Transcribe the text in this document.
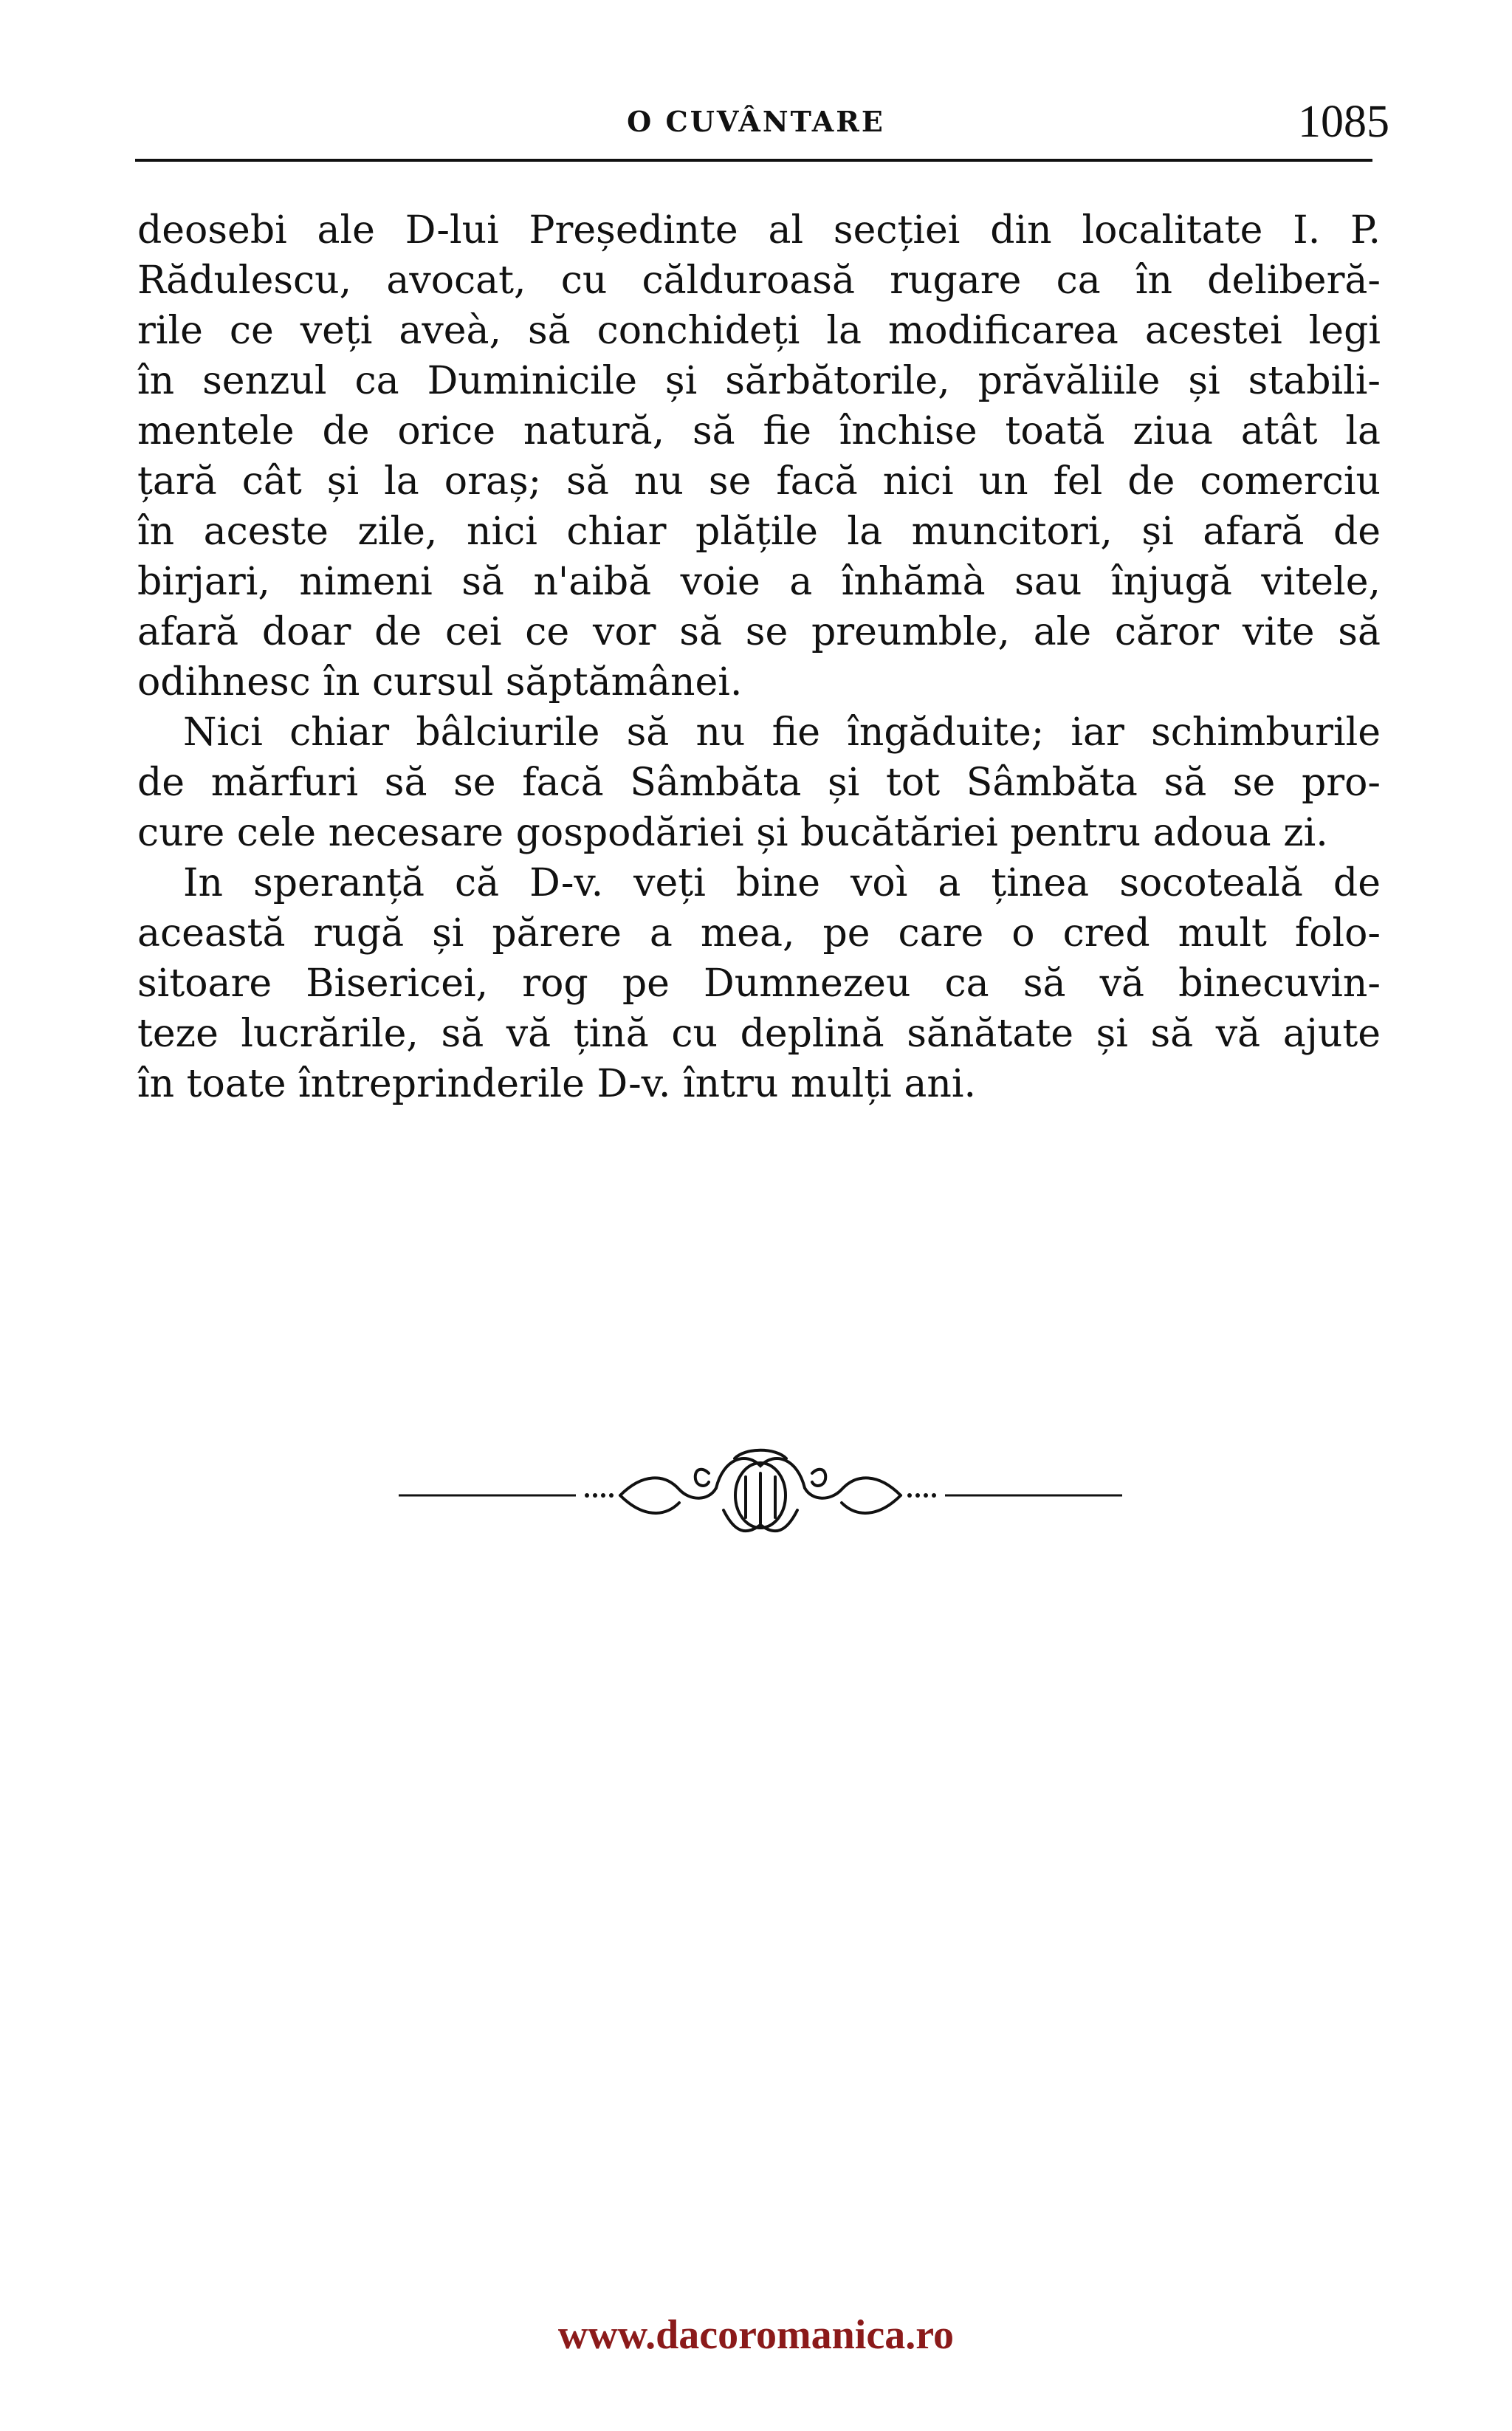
O CUVÂNTARE	1085
deosebi ale D-lui Președinte al secției din localitate I. P.
Rădulescu, avocat, cu călduroasă rugare ca în deliberă-
rile ce veți aveà, să conchideți la modificarea acestei legi
în senzul ca Duminicile și sărbătorile, prăvăliile și stabili-
mentele de orice natură, să fie închise toată ziua atât la
țară cât și la oraș; să nu se facă nici un fel de comerciu
în aceste zile, nici chiar plățile la muncitori, și afară de
birjari, nimeni să n'aibă voie a înhămà sau înjugă vitele,
afară doar de cei ce vor să se preumble, ale căror vite să
odihnesc în cursul săptămânei.
Nici chiar bâlciurile să nu fie îngăduite; iar schimburile
de mărfuri să se facă Sâmbăta și tot Sâmbăta să se pro-
cure cele necesare gospodăriei și bucătăriei pentru adoua zi.
In speranță că D-v. veți bine voì a ținea socoteală de
această rugă și părere a mea, pe care o cred mult folo-
sitoare Bisericei, rog pe Dumnezeu ca să vă binecuvin-
teze lucrările, să vă țină cu deplină sănătate și să vă ajute
în toate întreprinderile D-v. întru mulți ani.
www.dacoromanica.ro
